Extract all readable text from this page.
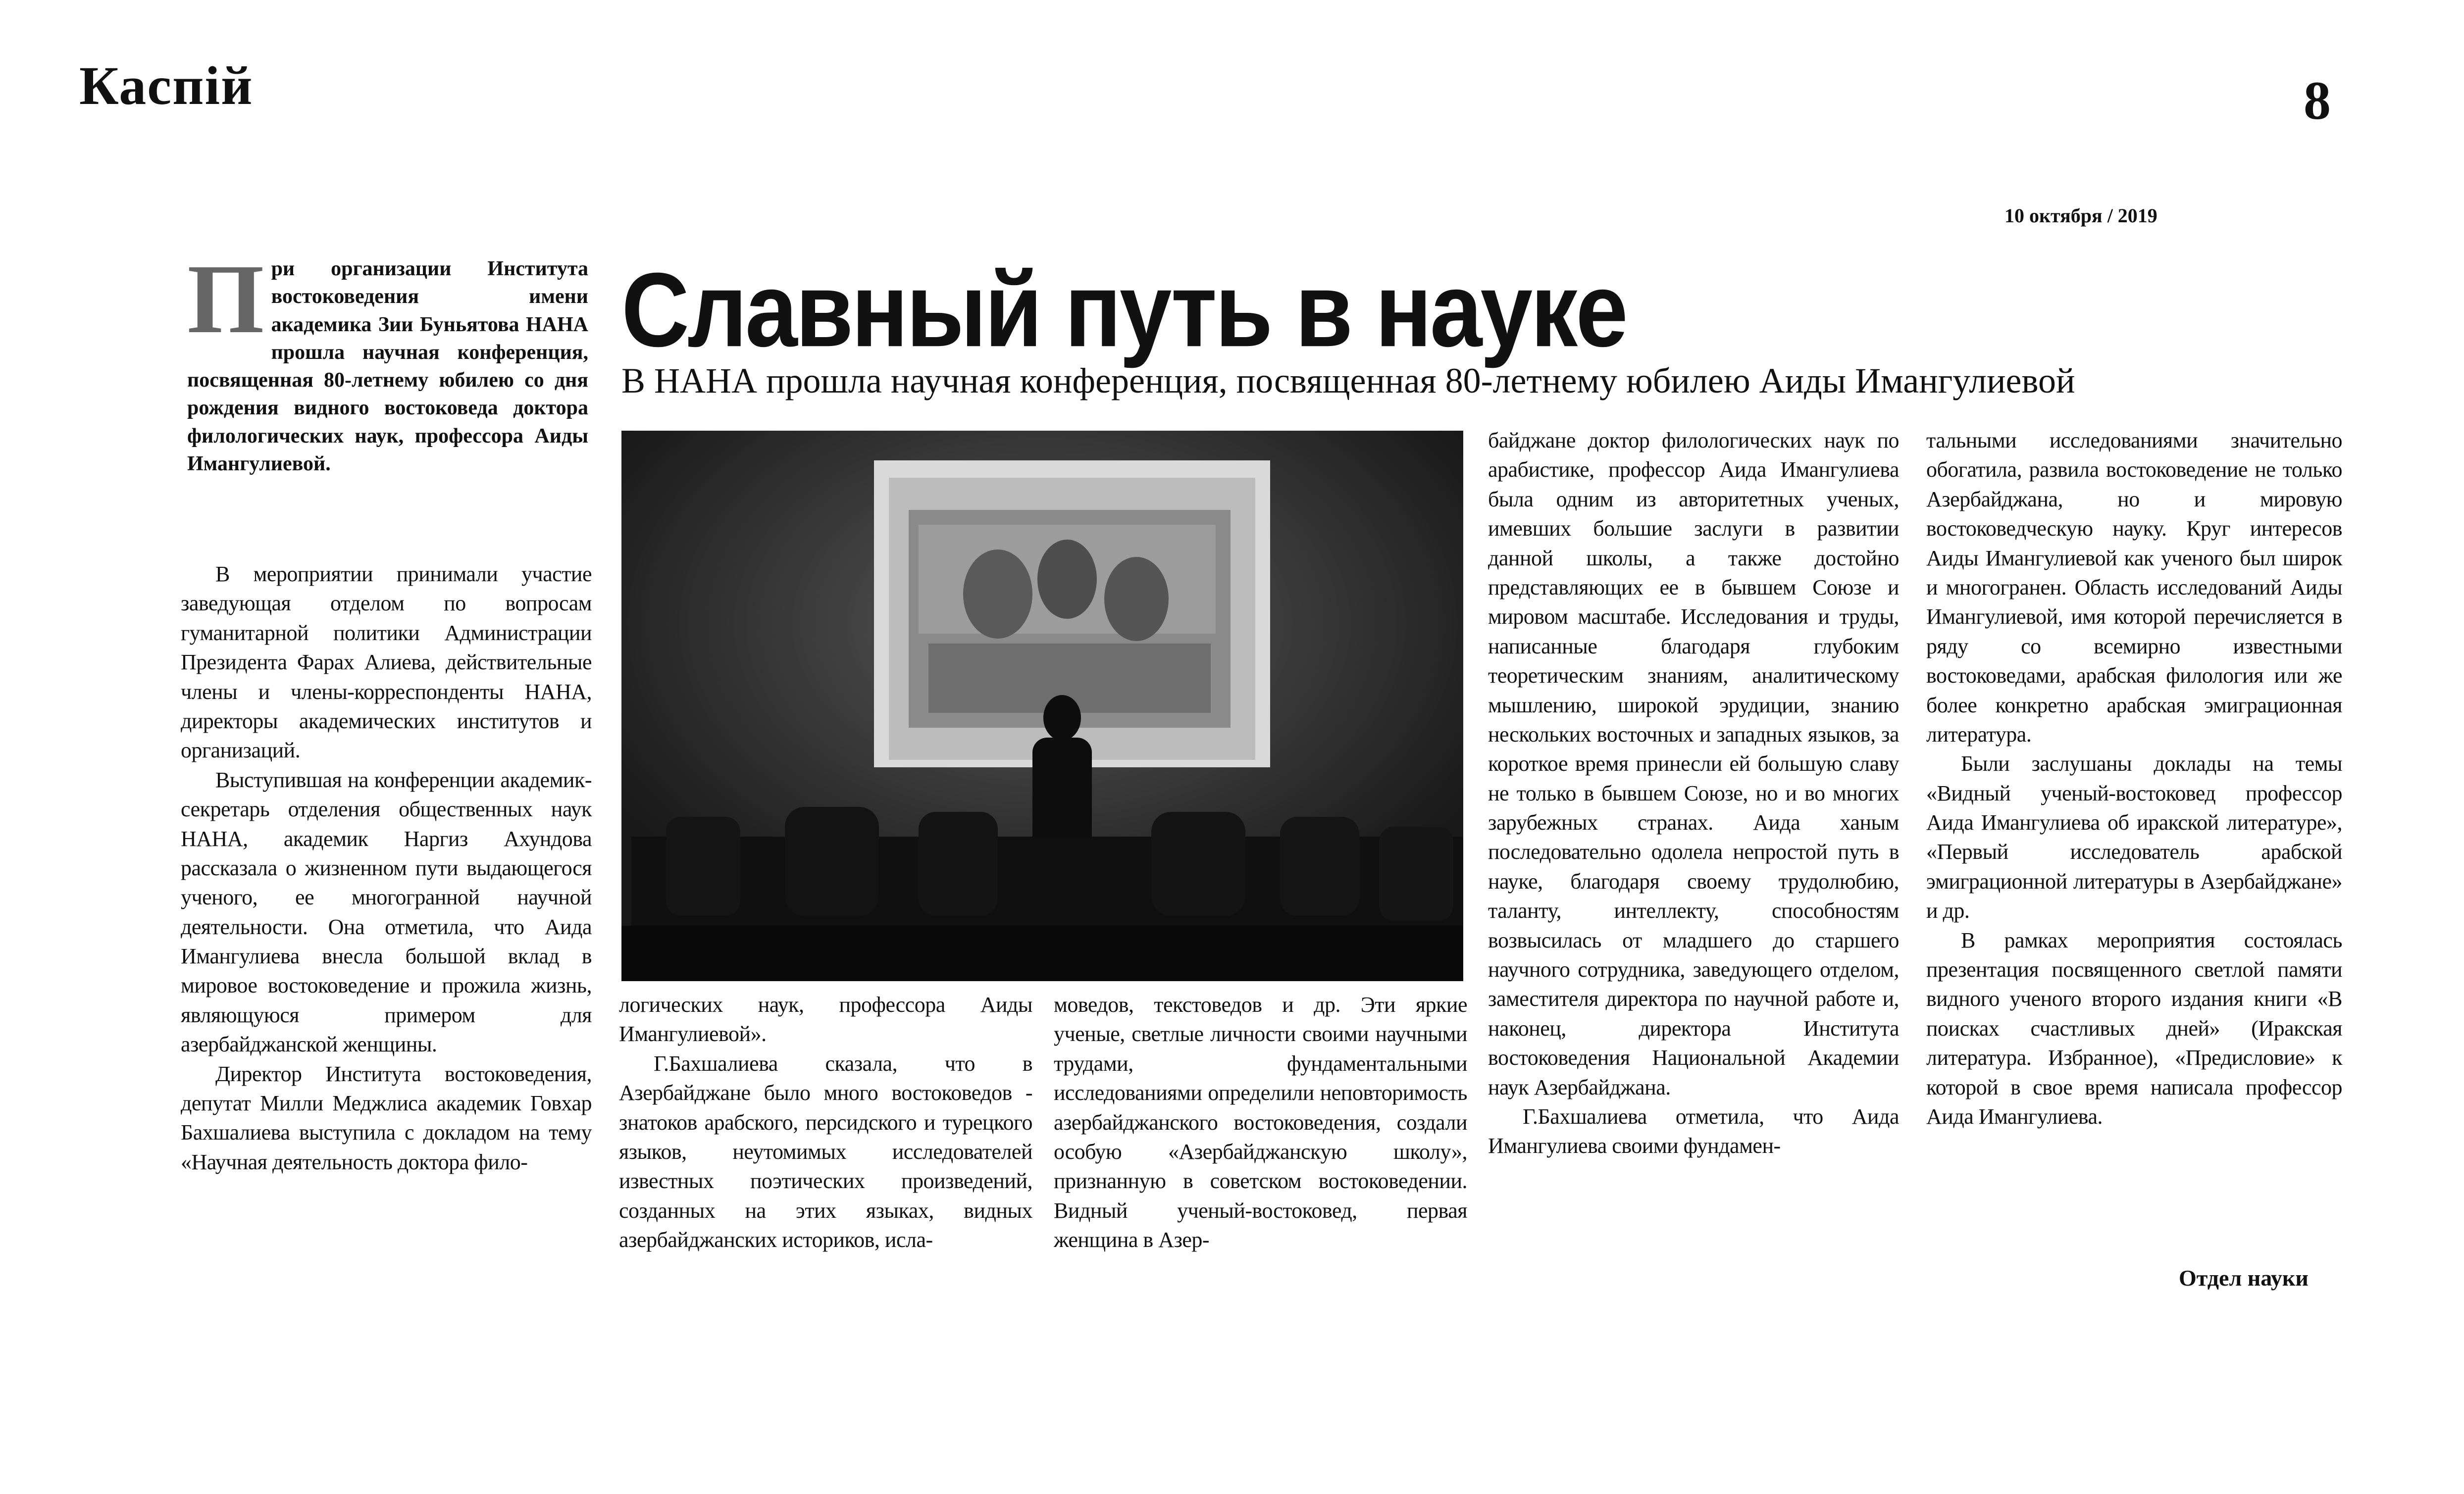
Каспій	8
10 октября / 2019
Славный путь в науке
В НАНА прошла научная конференция, посвященная 80-летнему юбилею Аиды Имангулиевой
При организации Института востоковедения имени академика Зии Буньятова НАНА прошла научная конференция, посвященная 80-летнему юбилею со дня рождения видного востоковеда доктора филологических наук, профессора Аиды Имангулиевой.

В мероприятии принимали участие заведующая отделом по вопросам гуманитарной политики Администрации Президента Фарах Алиева, действительные члены и члены-корреспонденты НАНА, директоры академических институтов и организаций.

Выступившая на конференции академик-секретарь отделения общественных наук НАНА, академик Наргиз Ахундова рассказала о жизненном пути выдающегося ученого, ее многогранной научной деятельности. Она отметила, что Аида Имангулиева внесла большой вклад в мировое востоковедение и прожила жизнь, являющуюся примером для азербайджанской женщины.

Директор Института востоковедения, депутат Милли Меджлиса академик Говхар Бахшалиева выступила с докладом на тему «Научная деятельность доктора фило-

логических наук, профессора Аиды Имангулиевой».

Г.Бахшалиева сказала, что в Азербайджане было много востоковедов - знатоков арабского, персидского и турецкого языков, неутомимых исследователей известных поэтических произведений, созданных на этих языках, видных азербайджанских историков, исла-

моведов, текстоведов и др. Эти яркие ученые, светлые личности своими научными трудами, фундаментальными исследованиями определили неповторимость азербайджанского востоковедения, создали особую «Азербайджанскую школу», признанную в советском востоковедении. Видный ученый-востоковед, первая женщина в Азер-

байджане доктор филологических наук по арабистике, профессор Аида Имангулиева была одним из авторитетных ученых, имевших большие заслуги в развитии данной школы, а также достойно представляющих ее в бывшем Союзе и мировом масштабе. Исследования и труды, написанные благодаря глубоким теоретическим знаниям, аналитическому мышлению, широкой эрудиции, знанию нескольких восточных и западных языков, за короткое время принесли ей большую славу не только в бывшем Союзе, но и во многих зарубежных странах. Аида ханым последовательно одолела непростой путь в науке, благодаря своему трудолюбию, таланту, интеллекту, способностям возвысилась от младшего до старшего научного сотрудника, заведующего отделом, заместителя директора по научной работе и, наконец, директора Института востоковедения Национальной Академии наук Азербайджана.

Г.Бахшалиева отметила, что Аида Имангулиева своими фундамен-

тальными исследованиями значительно обогатила, развила востоковедение не только Азербайджана, но и мировую востоковедческую науку. Круг интересов Аиды Имангулиевой как ученого был широк и многогранен. Область исследований Аиды Имангулиевой, имя которой перечисляется в ряду со всемирно известными востоковедами, арабская филология или же более конкретно арабская эмиграционная литература.

Были заслушаны доклады на темы «Видный ученый-востоковед профессор Аида Имангулиева об иракской литературе», «Первый исследователь арабской эмиграционной литературы в Азербайджане» и др.

В рамках мероприятия состоялась презентация посвященного светлой памяти видного ученого второго издания книги «В поисках счастливых дней» (Иракская литература. Избранное), «Предисловие» к которой в свое время написала профессор Аида Имангулиева.

Отдел науки
